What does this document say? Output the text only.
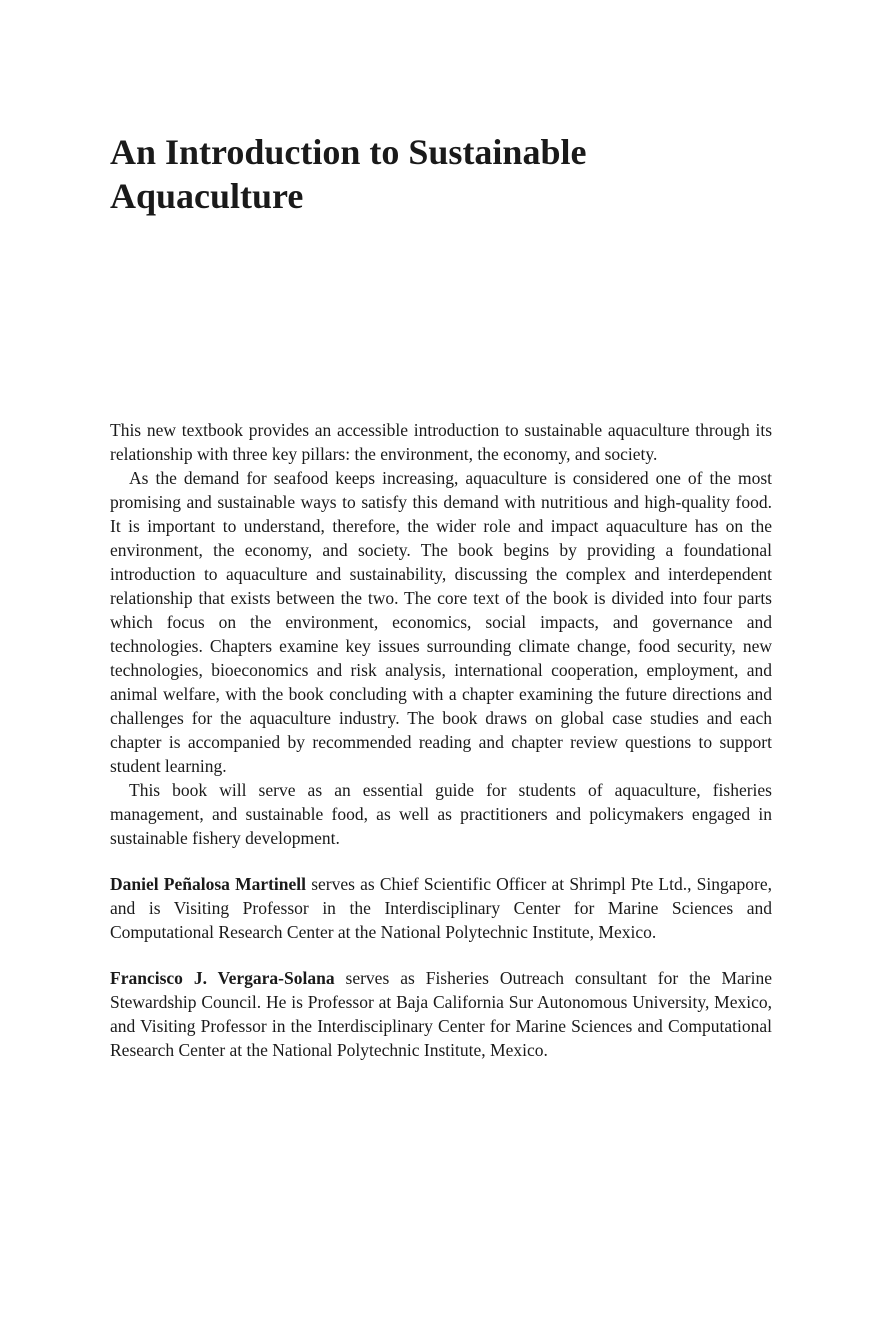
An Introduction to Sustainable Aquaculture

This new textbook provides an accessible introduction to sustainable aquaculture through its relationship with three key pillars: the environment, the economy, and society.

As the demand for seafood keeps increasing, aquaculture is considered one of the most promising and sustainable ways to satisfy this demand with nutritious and high-quality food. It is important to understand, therefore, the wider role and impact aquaculture has on the environment, the economy, and society. The book begins by providing a foundational introduction to aquaculture and sustainability, discussing the complex and interdependent relationship that exists between the two. The core text of the book is divided into four parts which focus on the environment, economics, social impacts, and governance and technologies. Chapters examine key issues surrounding climate change, food security, new technologies, bioeconomics and risk analysis, international cooperation, employment, and animal welfare, with the book concluding with a chapter examining the future directions and challenges for the aquaculture industry. The book draws on global case studies and each chapter is accompanied by recommended reading and chapter review questions to support student learning.

This book will serve as an essential guide for students of aquaculture, fisheries management, and sustainable food, as well as practitioners and policymakers engaged in sustainable fishery development.

Daniel Peñalosa Martinell serves as Chief Scientific Officer at Shrimpl Pte Ltd., Singapore, and is Visiting Professor in the Interdisciplinary Center for Marine Sciences and Computational Research Center at the National Polytechnic Institute, Mexico.

Francisco J. Vergara-Solana serves as Fisheries Outreach consultant for the Marine Stewardship Council. He is Professor at Baja California Sur Autonomous University, Mexico, and Visiting Professor in the Interdisciplinary Center for Marine Sciences and Computational Research Center at the National Polytechnic Institute, Mexico.
